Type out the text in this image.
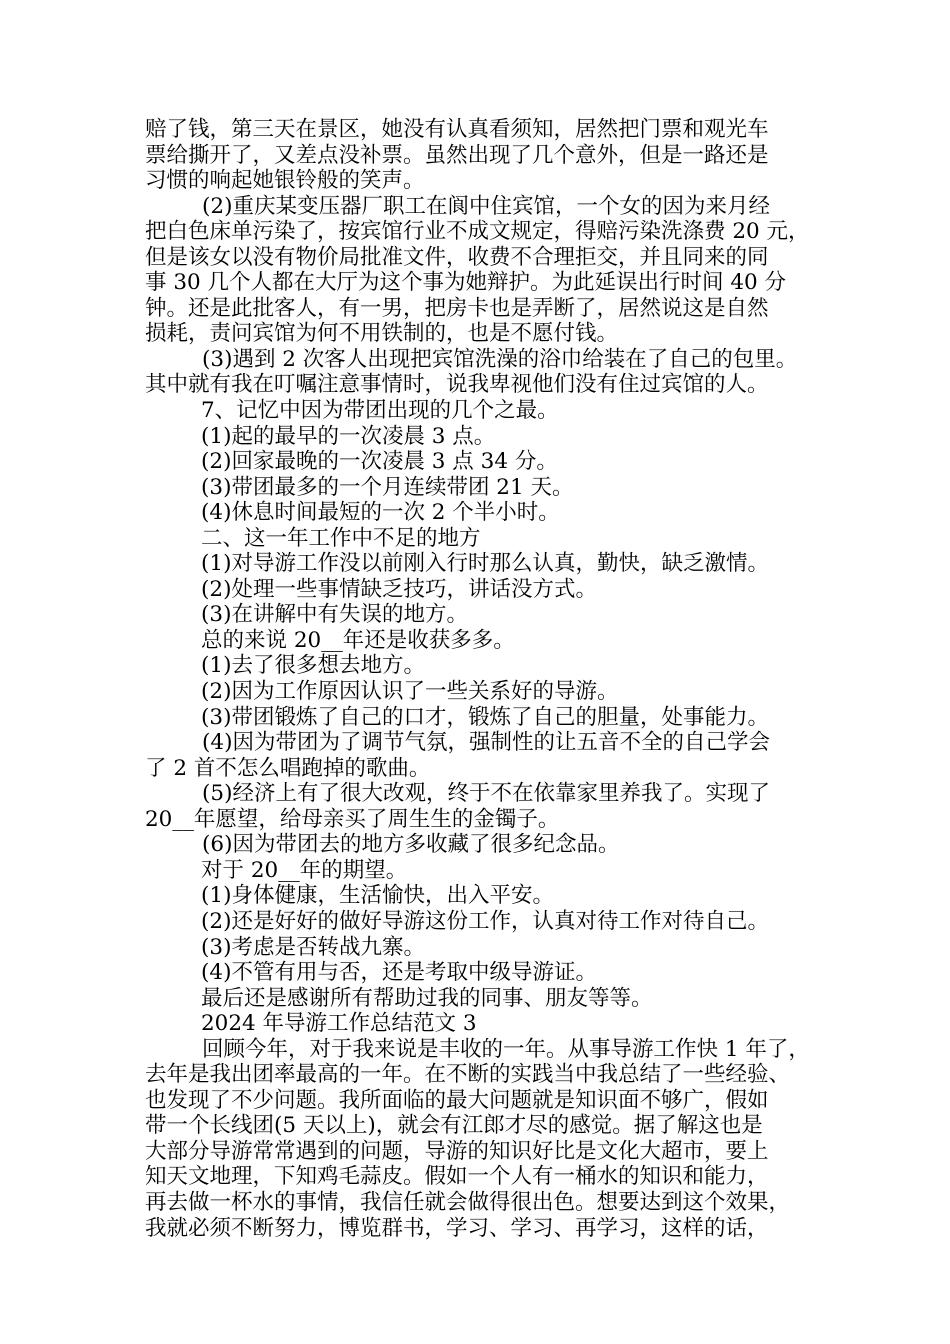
赔了钱，第三天在景区，她没有认真看须知，居然把门票和观光车
票给撕开了，又差点没补票。虽然出现了几个意外，但是一路还是
习惯的响起她银铃般的笑声。
(2)重庆某变压器厂职工在阆中住宾馆，一个女的因为来月经
把白色床单污染了，按宾馆行业不成文规定，得赔污染洗涤费 20 元，
但是该女以没有物价局批准文件，收费不合理拒交，并且同来的同
事 30 几个人都在大厅为这个事为她辩护。为此延误出行时间 40 分
钟。还是此批客人，有一男，把房卡也是弄断了，居然说这是自然
损耗，责问宾馆为何不用铁制的，也是不愿付钱。
(3)遇到 2 次客人出现把宾馆洗澡的浴巾给装在了自己的包里。
其中就有我在叮嘱注意事情时，说我卑视他们没有住过宾馆的人。
7、记忆中因为带团出现的几个之最。
(1)起的最早的一次凌晨 3 点。
(2)回家最晚的一次凌晨 3 点 34 分。
(3)带团最多的一个月连续带团 21 天。
(4)休息时间最短的一次 2 个半小时。
二、这一年工作中不足的地方
(1)对导游工作没以前刚入行时那么认真，勤快，缺乏激情。
(2)处理一些事情缺乏技巧，讲话没方式。
(3)在讲解中有失误的地方。
总的来说 20__年还是收获多多。
(1)去了很多想去地方。
(2)因为工作原因认识了一些关系好的导游。
(3)带团锻炼了自己的口才，锻炼了自己的胆量，处事能力。
(4)因为带团为了调节气氛，强制性的让五音不全的自己学会
了 2 首不怎么唱跑掉的歌曲。
(5)经济上有了很大改观，终于不在依靠家里养我了。实现了
20__年愿望，给母亲买了周生生的金镯子。
(6)因为带团去的地方多收藏了很多纪念品。
对于 20__年的期望。
(1)身体健康，生活愉快，出入平安。
(2)还是好好的做好导游这份工作，认真对待工作对待自己。
(3)考虑是否转战九寨。
(4)不管有用与否，还是考取中级导游证。
最后还是感谢所有帮助过我的同事、朋友等等。
2024 年导游工作总结范文 3
回顾今年，对于我来说是丰收的一年。从事导游工作快 1 年了，
去年是我出团率最高的一年。在不断的实践当中我总结了一些经验、
也发现了不少问题。我所面临的最大问题就是知识面不够广，假如
带一个长线团(5 天以上)，就会有江郎才尽的感觉。据了解这也是
大部分导游常常遇到的问题，导游的知识好比是文化大超市，要上
知天文地理，下知鸡毛蒜皮。假如一个人有一桶水的知识和能力，
再去做一杯水的事情，我信任就会做得很出色。想要达到这个效果，
我就必须不断努力，博览群书，学习、学习、再学习，这样的话，
